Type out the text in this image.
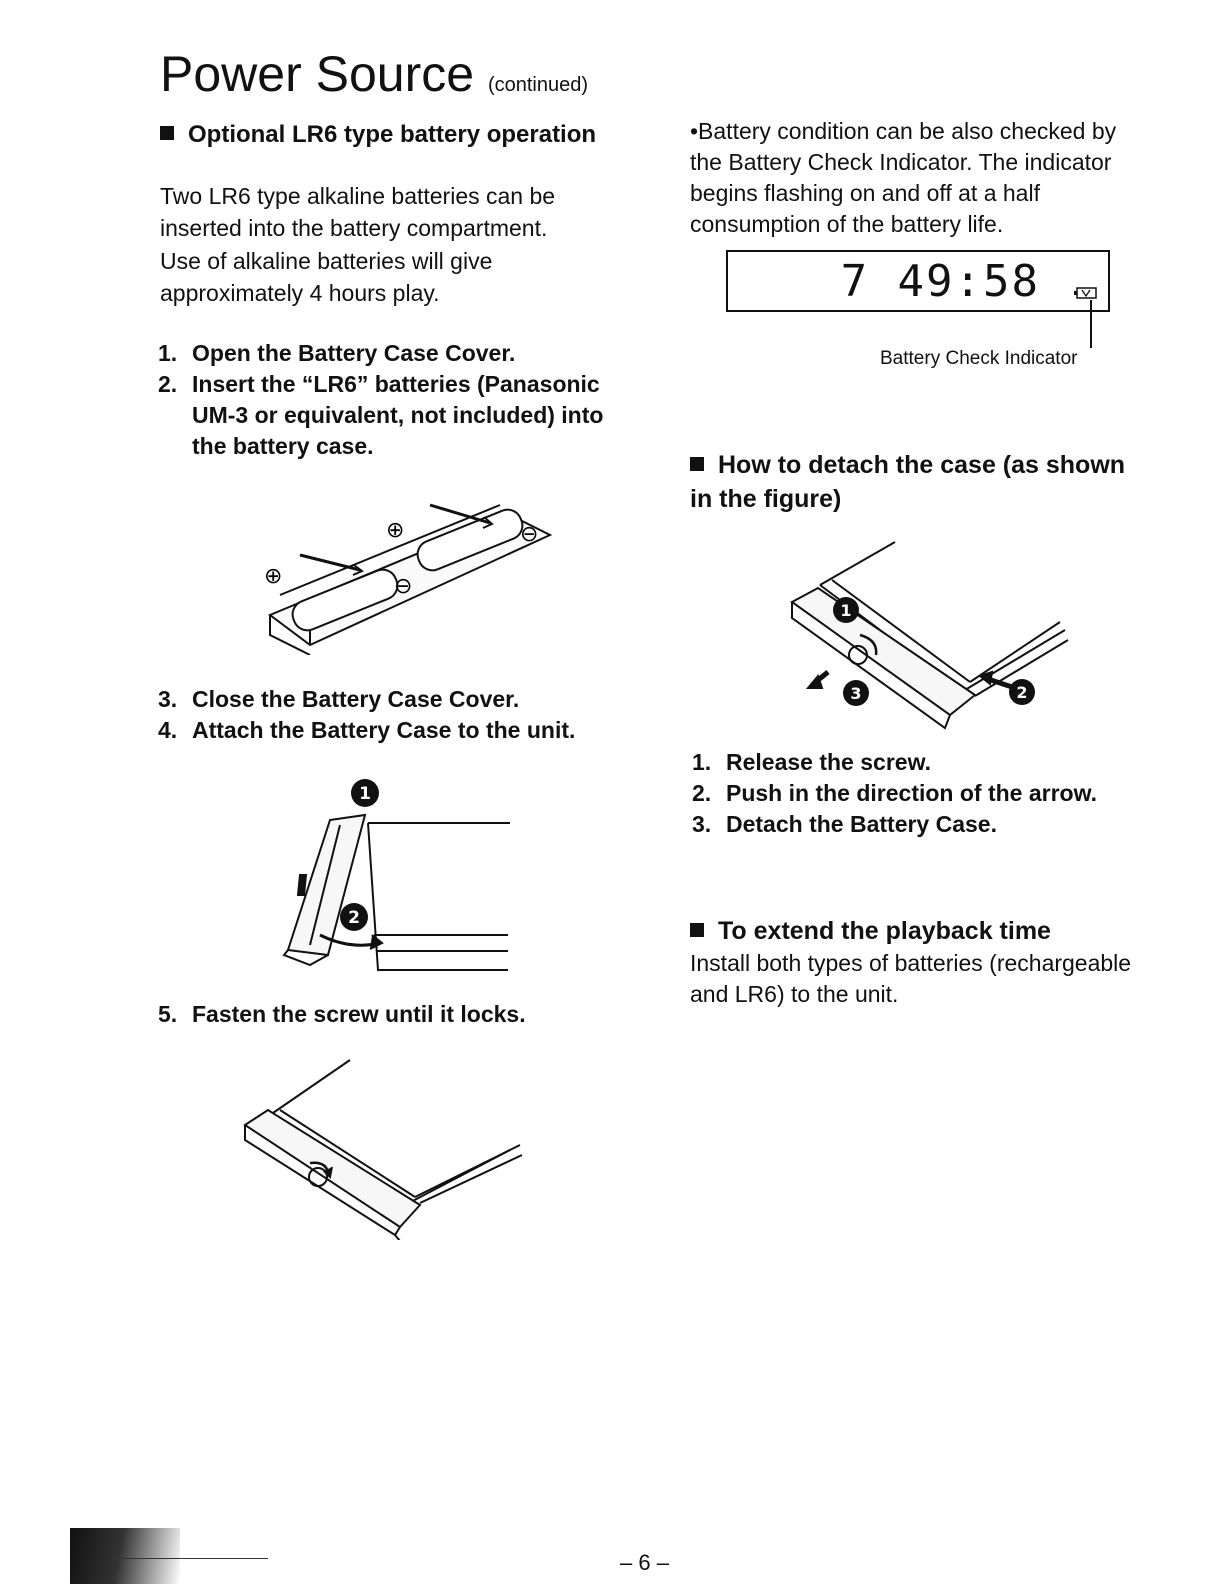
Power Source (continued)
Optional LR6 type battery operation
Two LR6 type alkaline batteries can be inserted into the battery compartment.
Use of alkaline batteries will give approximately 4 hours play.
1. Open the Battery Case Cover.
2. Insert the “LR6” batteries (Panasonic UM-3 or equivalent, not included) into the battery case.
⊕
⊕
⊖
⊖
3. Close the Battery Case Cover.
4. Attach the Battery Case to the unit.
1
2
5. Fasten the screw until it locks.
•Battery condition can be also checked by the Battery Check Indicator. The indicator begins flashing on and off at a half consumption of the battery life.
7 49:58
Battery Check Indicator
How to detach the case (as shown in the figure)
1
2
3
1. Release the screw.
2. Push in the direction of the arrow.
3. Detach the Battery Case.
To extend the playback time
Install both types of batteries (rechargeable and LR6) to the unit.
– 6 –
